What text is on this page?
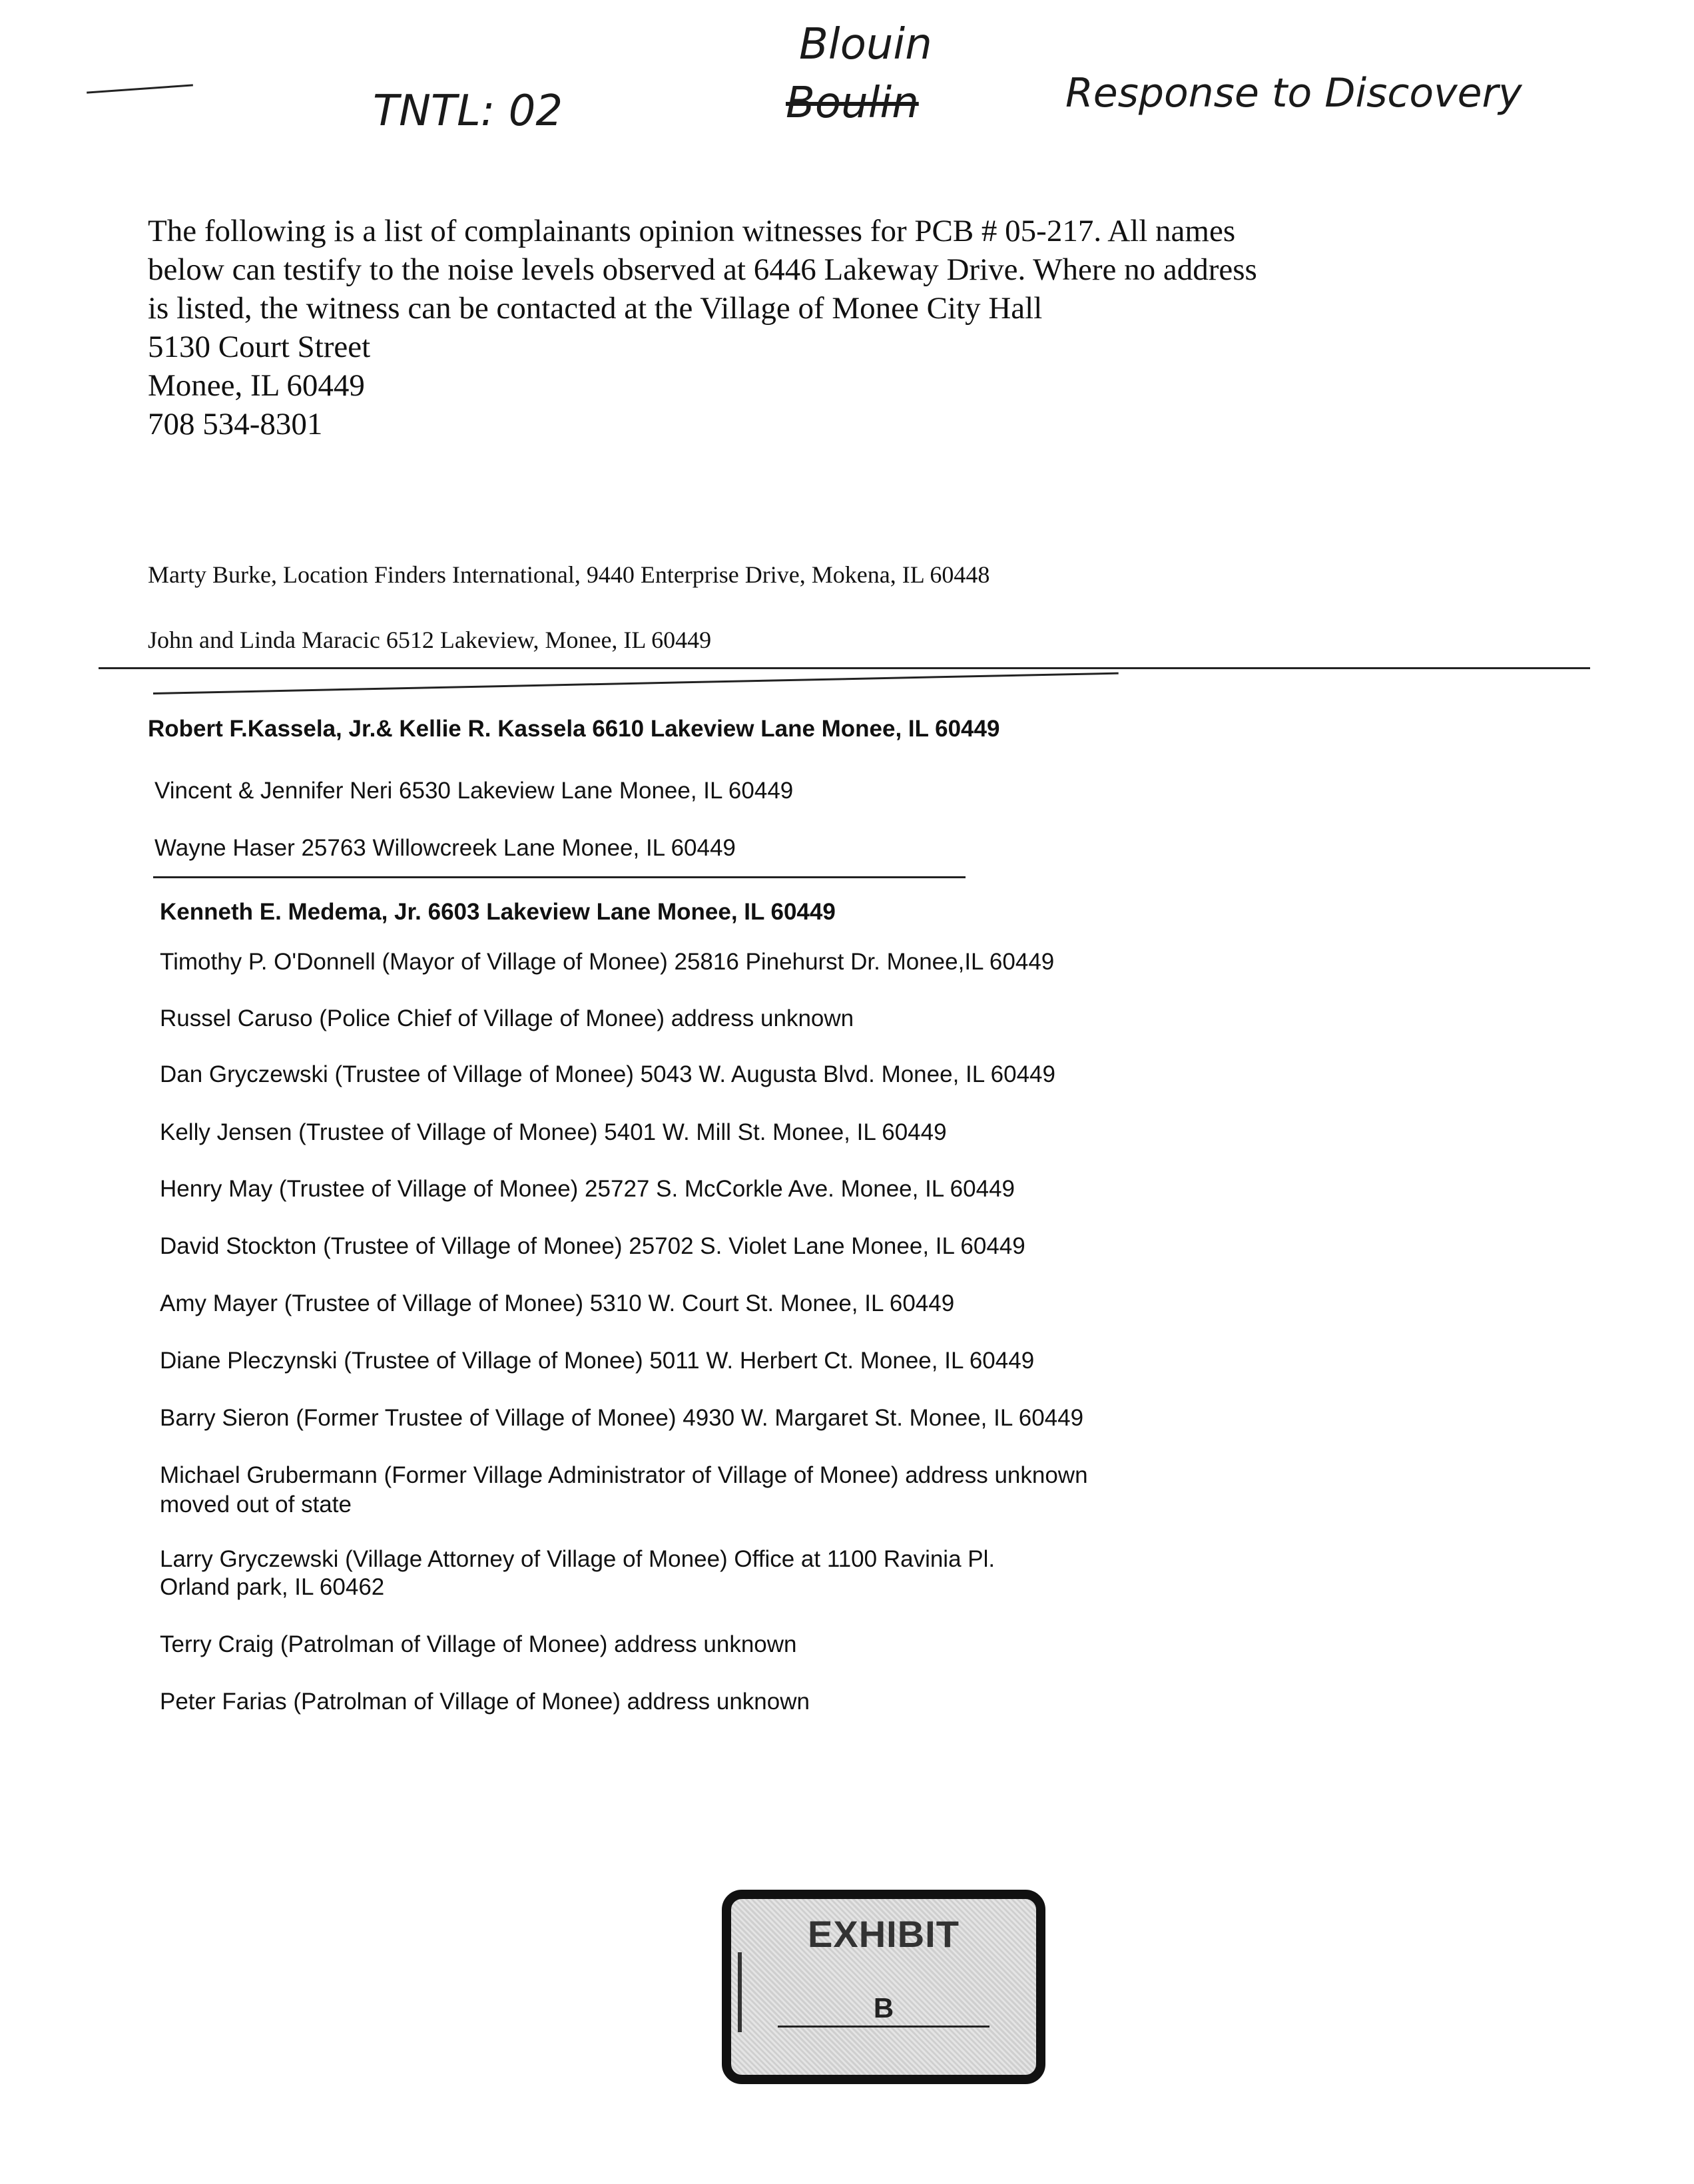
TNTL: 02
Blouin
Boulin	Response to Discovery
The following is a list of complainants opinion witnesses for PCB # 05-217. All names
below can testify to the noise levels observed at 6446 Lakeway Drive. Where no address
is listed, the witness can be contacted at the Village of Monee City Hall
5130 Court Street
Monee, IL 60449
708 534-8301
Marty Burke, Location Finders International, 9440 Enterprise Drive, Mokena, IL 60448
John and Linda Maracic 6512 Lakeview, Monee, IL 60449
Robert F.Kassela, Jr.& Kellie R. Kassela 6610 Lakeview Lane Monee, IL 60449
Vincent & Jennifer Neri 6530 Lakeview Lane Monee, IL 60449
Wayne Haser 25763 Willowcreek Lane Monee, IL 60449
Kenneth E. Medema, Jr. 6603 Lakeview Lane Monee, IL 60449
Timothy P. O'Donnell (Mayor of Village of Monee) 25816 Pinehurst Dr. Monee,IL 60449
Russel Caruso (Police Chief of Village of Monee) address unknown
Dan Gryczewski (Trustee of Village of Monee) 5043 W. Augusta Blvd. Monee, IL 60449
Kelly Jensen (Trustee of Village of Monee) 5401 W. Mill St. Monee, IL 60449
Henry May (Trustee of Village of Monee) 25727 S. McCorkle Ave. Monee, IL 60449
David Stockton (Trustee of Village of Monee) 25702 S. Violet Lane Monee, IL 60449
Amy Mayer (Trustee of Village of Monee) 5310 W. Court St. Monee, IL 60449
Diane Pleczynski (Trustee of Village of Monee) 5011 W. Herbert Ct. Monee, IL 60449
Barry Sieron (Former Trustee of Village of Monee) 4930 W. Margaret St. Monee, IL 60449
Michael Grubermann (Former Village Administrator of Village of Monee) address unknown
moved out of state
Larry Gryczewski (Village Attorney of Village of Monee) Office at 1100 Ravinia Pl.
Orland park, IL 60462
Terry Craig (Patrolman of Village of Monee) address unknown
Peter Farias (Patrolman of Village of Monee) address unknown
EXHIBIT
B
